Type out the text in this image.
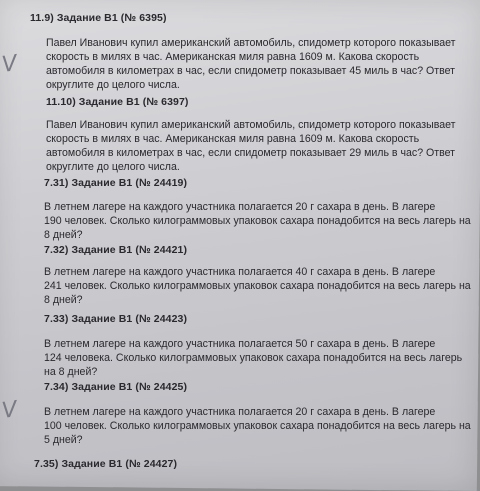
V
V
11.9) Задание В1 (№ 6395)
Павел Иванович купил американский автомобиль, спидометр которого показывает
скорость в милях в час. Американская миля равна 1609 м. Какова скорость
автомобиля в километрах в час, если спидометр показывает 45 миль в час? Ответ
округлите до целого числа.
11.10) Задание В1 (№ 6397)
Павел Иванович купил американский автомобиль, спидометр которого показывает
скорость в милях в час. Американская миля равна 1609 м. Какова скорость
автомобиля в километрах в час, если спидометр показывает 29 миль в час? Ответ
округлите до целого числа.
7.31) Задание В1 (№ 24419)
В летнем лагере на каждого участника полагается 20 г сахара в день. В лагере
190 человек. Сколько килограммовых упаковок сахара понадобится на весь лагерь на
8 дней?
7.32) Задание В1 (№ 24421)
В летнем лагере на каждого участника полагается 40 г сахара в день. В лагере
241 человек. Сколько килограммовых упаковок сахара понадобится на весь лагерь на
8 дней?
7.33) Задание В1 (№ 24423)
В летнем лагере на каждого участника полагается 50 г сахара в день. В лагере
124 человека. Сколько килограммовых упаковок сахара понадобится на весь лагерь
на 8 дней?
7.34) Задание В1 (№ 24425)
В летнем лагере на каждого участника полагается 20 г сахара в день. В лагере
100 человек. Сколько килограммовых упаковок сахара понадобится на весь лагерь на
5 дней?
7.35) Задание В1 (№ 24427)
